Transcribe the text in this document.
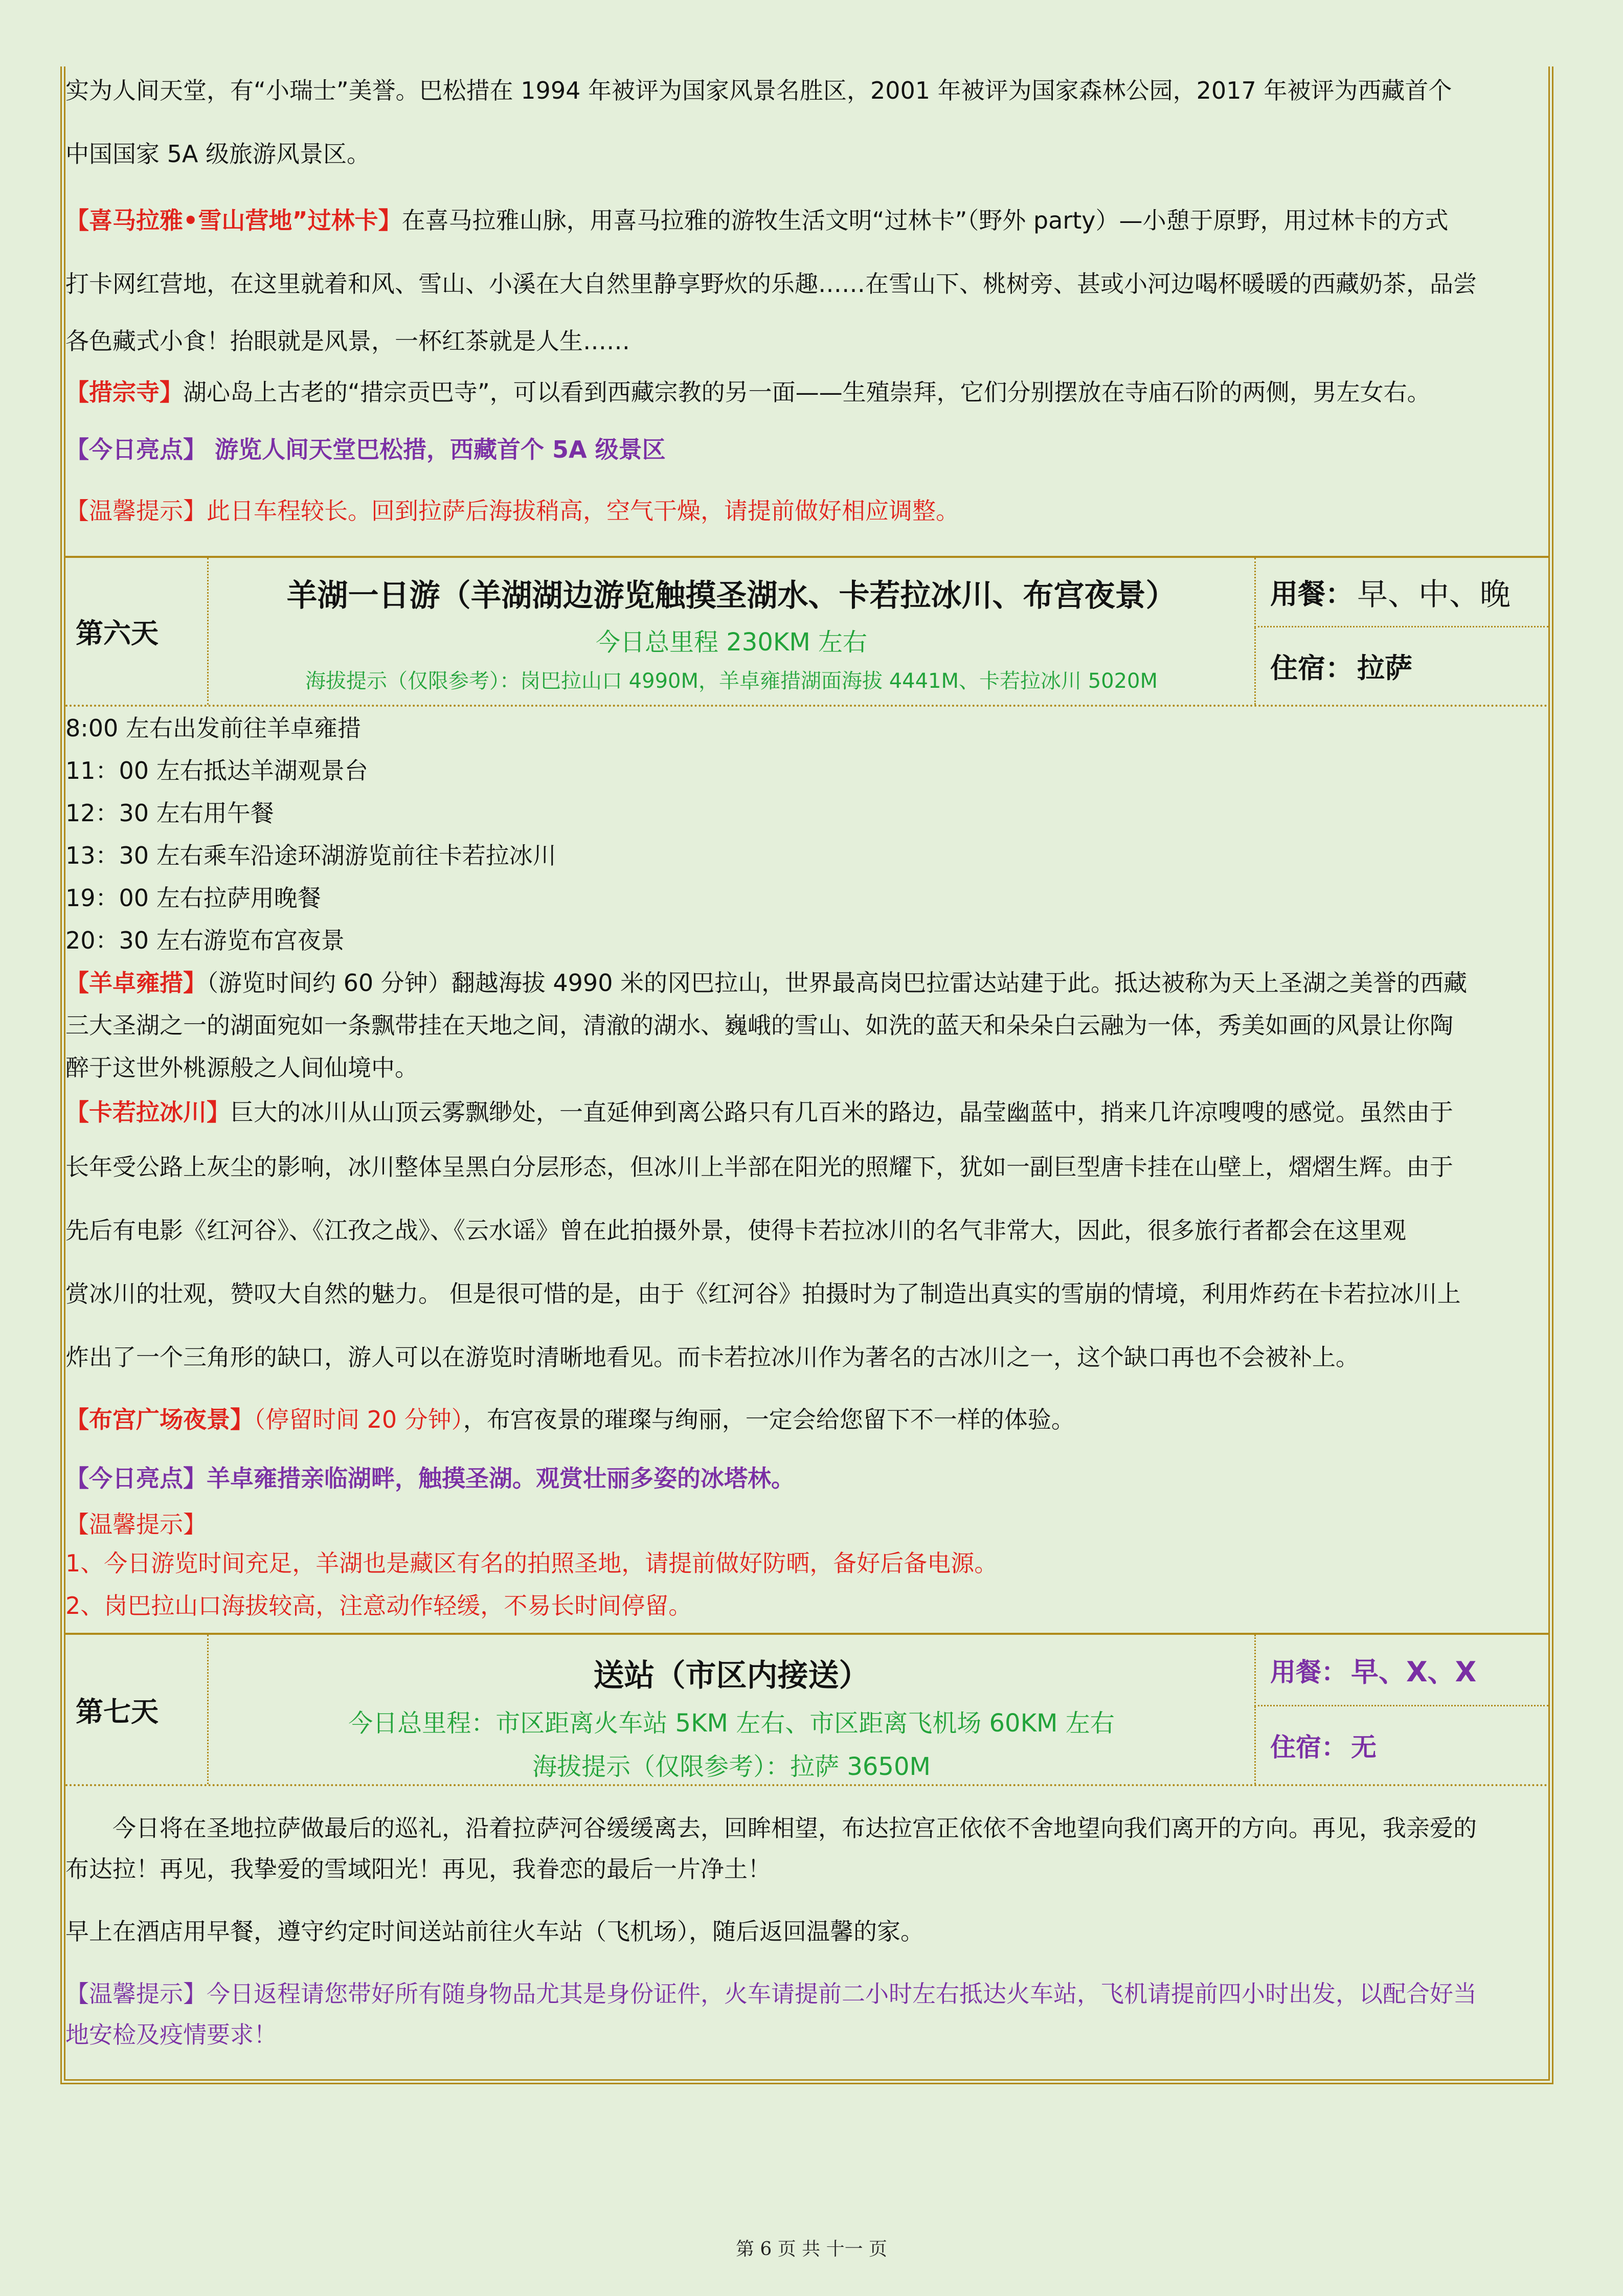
实为人间天堂，有“小瑞士”美誉。巴松措在 1994 年被评为国家风景名胜区，2001 年被评为国家森林公园，2017 年被评为西藏首个

中国国家 5A 级旅游风景区。

【喜马拉雅•雪山营地”过林卡】在喜马拉雅山脉，用喜马拉雅的游牧生活文明“过林卡”（野外 party）—小憩于原野，用过林卡的方式

打卡网红营地，在这里就着和风、雪山、小溪在大自然里静享野炊的乐趣……在雪山下、桃树旁、甚或小河边喝杯暖暖的西藏奶茶，品尝

各色藏式小食！抬眼就是风景，一杯红茶就是人生……

【措宗寺】湖心岛上古老的“措宗贡巴寺”，可以看到西藏宗教的另一面——生殖崇拜，它们分别摆放在寺庙石阶的两侧，男左女右。

【今日亮点】 游览人间天堂巴松措，西藏首个 5A 级景区

【温馨提示】此日车程较长。回到拉萨后海拔稍高，空气干燥，请提前做好相应调整。

第六天
羊湖一日游（羊湖湖边游览触摸圣湖水、卡若拉冰川、布宫夜景）
今日总里程 230KM 左右
海拔提示（仅限参考）：岗巴拉山口 4990M，羊卓雍措湖面海拔 4441M、卡若拉冰川 5020M
用餐： 早、中、晚
住宿： 拉萨

8:00 左右出发前往羊卓雍措

11：00 左右抵达羊湖观景台

12：30 左右用午餐

13：30 左右乘车沿途环湖游览前往卡若拉冰川

19：00 左右拉萨用晚餐

20：30 左右游览布宫夜景

【羊卓雍措】（游览时间约 60 分钟）翻越海拔 4990 米的冈巴拉山，世界最高岗巴拉雷达站建于此。抵达被称为天上圣湖之美誉的西藏

三大圣湖之一的湖面宛如一条飘带挂在天地之间，清澈的湖水、巍峨的雪山、如洗的蓝天和朵朵白云融为一体，秀美如画的风景让你陶

醉于这世外桃源般之人间仙境中。

【卡若拉冰川】巨大的冰川从山顶云雾飘缈处，一直延伸到离公路只有几百米的路边，晶莹幽蓝中，捎来几许凉嗖嗖的感觉。虽然由于

长年受公路上灰尘的影响，冰川整体呈黑白分层形态，但冰川上半部在阳光的照耀下，犹如一副巨型唐卡挂在山壁上，熠熠生辉。由于

先后有电影《红河谷》、《江孜之战》、《云水谣》曾在此拍摄外景，使得卡若拉冰川的名气非常大，因此，很多旅行者都会在这里观

赏冰川的壮观，赞叹大自然的魅力。 但是很可惜的是，由于《红河谷》拍摄时为了制造出真实的雪崩的情境，利用炸药在卡若拉冰川上

炸出了一个三角形的缺口，游人可以在游览时清晰地看见。而卡若拉冰川作为著名的古冰川之一，这个缺口再也不会被补上。

【布宫广场夜景】（停留时间 20 分钟），布宫夜景的璀璨与绚丽，一定会给您留下不一样的体验。

【今日亮点】羊卓雍措亲临湖畔，触摸圣湖。观赏壮丽多姿的冰塔林。

【温馨提示】

1、今日游览时间充足，羊湖也是藏区有名的拍照圣地，请提前做好防晒，备好后备电源。

2、岗巴拉山口海拔较高，注意动作轻缓，不易长时间停留。

第七天
送站（市区内接送）
今日总里程：市区距离火车站 5KM 左右、市区距离飞机场 60KM 左右
海拔提示（仅限参考）：拉萨 3650M
用餐： 早、X、X
住宿： 无

今日将在圣地拉萨做最后的巡礼，沿着拉萨河谷缓缓离去，回眸相望，布达拉宫正依依不舍地望向我们离开的方向。再见，我亲爱的

布达拉！再见，我挚爱的雪域阳光！再见，我眷恋的最后一片净土！

早上在酒店用早餐，遵守约定时间送站前往火车站（飞机场），随后返回温馨的家。

【温馨提示】今日返程请您带好所有随身物品尤其是身份证件，火车请提前二小时左右抵达火车站，飞机请提前四小时出发，以配合好当

地安检及疫情要求！

第 6 页 共 十一 页
